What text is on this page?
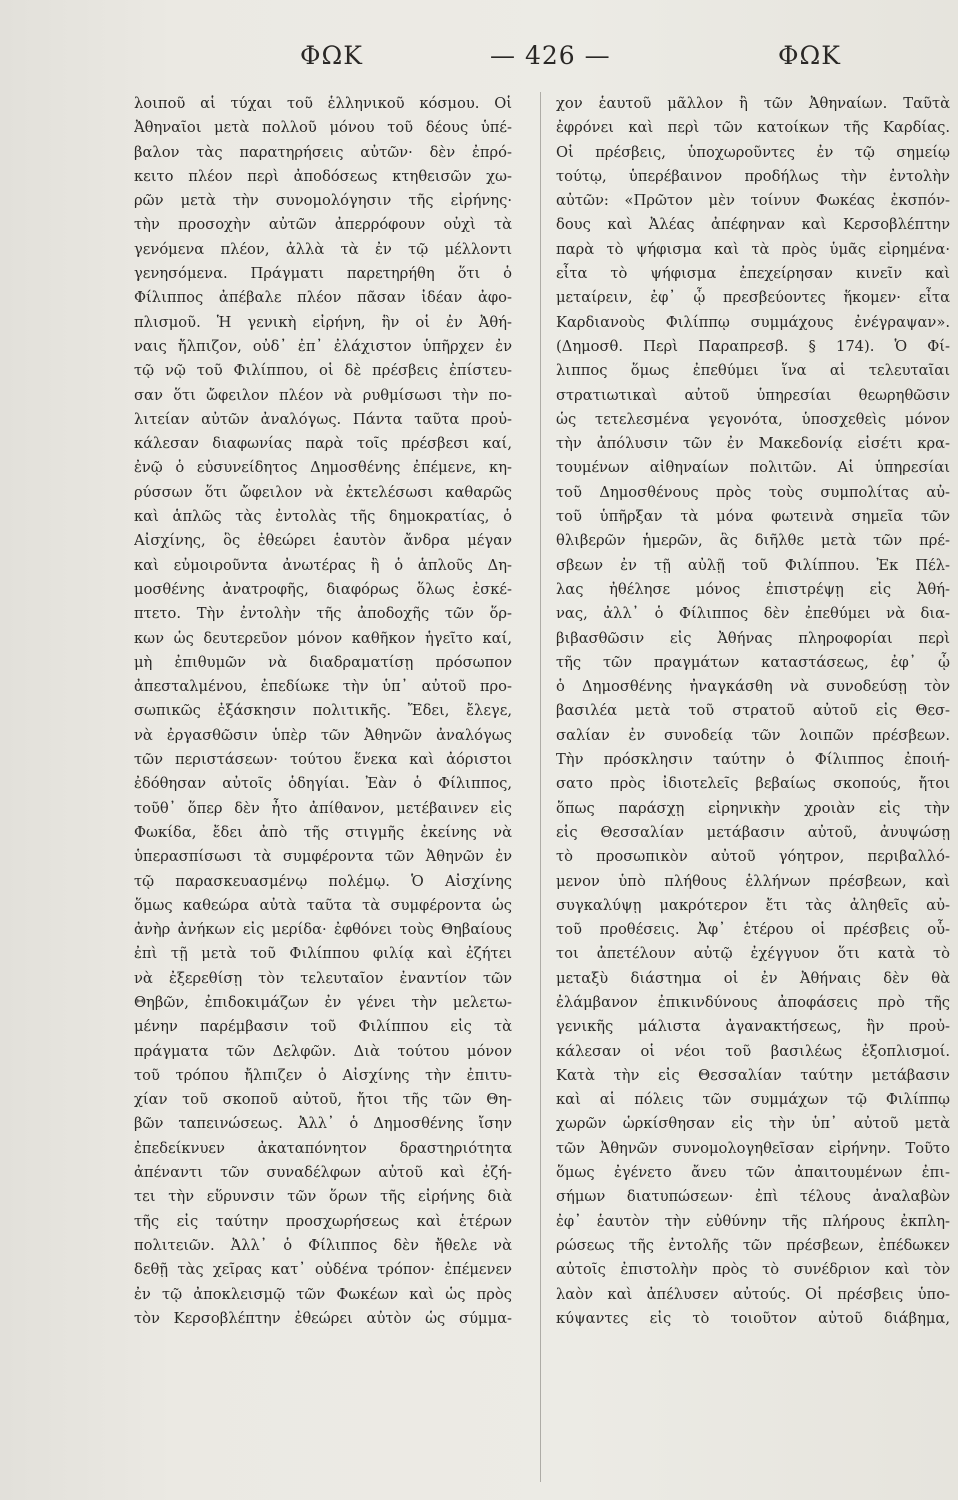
ΦΩΚ	— 426 —	ΦΩΚ
λοιποῦ αἱ τύχαι τοῦ ἑλληνικοῦ κόσμου. Οἱ
Ἀθηναῖοι μετὰ πολλοῦ μόνου τοῦ δέους ὑπέ-
βαλον τὰς παρατηρήσεις αὐτῶν· δὲν ἐπρό-
κειτο πλέον περὶ ἀποδόσεως κτηθεισῶν χω-
ρῶν μετὰ τὴν συνομολόγησιν τῆς εἰρήνης·
τὴν προσοχὴν αὐτῶν ἀπερρόφουν οὐχὶ τὰ
γενόμενα πλέον, ἀλλὰ τὰ ἐν τῷ μέλλοντι
γενησόμενα. Πράγματι παρετηρήθη ὅτι ὁ
Φίλιππος ἀπέβαλε πλέον πᾶσαν ἰδέαν ἀφο-
πλισμοῦ. Ἡ γενικὴ εἰρήνη, ἣν οἱ ἐν Ἀθή-
ναις ἤλπιζον, οὐδ᾽ ἐπ᾽ ἐλάχιστον ὑπῆρχεν ἐν
τῷ νῷ τοῦ Φιλίππου, οἱ δὲ πρέσβεις ἐπίστευ-
σαν ὅτι ὤφειλον πλέον νὰ ρυθμίσωσι τὴν πο-
λιτείαν αὐτῶν ἀναλόγως. Πάντα ταῦτα προὐ-
κάλεσαν διαφωνίας παρὰ τοῖς πρέσβεσι καί,
ἐνῷ ὁ εὐσυνείδητος Δημοσθένης ἐπέμενε, κη-
ρύσσων ὅτι ὤφειλον νὰ ἐκτελέσωσι καθαρῶς
καὶ ἁπλῶς τὰς ἐντολὰς τῆς δημοκρατίας, ὁ
Αἰσχίνης, ὃς ἐθεώρει ἑαυτὸν ἄνδρα μέγαν
καὶ εὐμοιροῦντα ἀνωτέρας ἢ ὁ ἁπλοῦς Δη-
μοσθένης ἀνατροφῆς, διαφόρως ὅλως ἐσκέ-
πτετο. Τὴν ἐντολὴν τῆς ἀποδοχῆς τῶν ὅρ-
κων ὡς δευτερεῦον μόνον καθῆκον ἡγεῖτο καί,
μὴ ἐπιθυμῶν νὰ διαδραματίσῃ πρόσωπον
ἀπεσταλμένου, ἐπεδίωκε τὴν ὑπ᾽ αὐτοῦ προ-
σωπικῶς ἐξάσκησιν πολιτικῆς. Ἔδει, ἔλεγε,
νὰ ἐργασθῶσιν ὑπὲρ τῶν Ἀθηνῶν ἀναλόγως
τῶν περιστάσεων· τούτου ἕνεκα καὶ ἀόριστοι
ἐδόθησαν αὐτοῖς ὁδηγίαι. Ἐὰν ὁ Φίλιππος,
τοῦθ᾽ ὅπερ δὲν ἦτο ἀπίθανον, μετέβαινεν εἰς
Φωκίδα, ἔδει ἀπὸ τῆς στιγμῆς ἐκείνης νὰ
ὑπερασπίσωσι τὰ συμφέροντα τῶν Ἀθηνῶν ἐν
τῷ παρασκευασμένῳ πολέμῳ. Ὁ Αἰσχίνης
ὅμως καθεώρα αὐτὰ ταῦτα τὰ συμφέροντα ὡς
ἀνὴρ ἀνήκων εἰς μερίδα· ἐφθόνει τοὺς Θηβαίους
ἐπὶ τῇ μετὰ τοῦ Φιλίππου φιλίᾳ καὶ ἐζήτει
νὰ ἐξερεθίσῃ τὸν τελευταῖον ἐναντίον τῶν
Θηβῶν, ἐπιδοκιμάζων ἐν γένει τὴν μελετω-
μένην παρέμβασιν τοῦ Φιλίππου εἰς τὰ
πράγματα τῶν Δελφῶν. Διὰ τούτου μόνον
τοῦ τρόπου ἤλπιζεν ὁ Αἰσχίνης τὴν ἐπιτυ-
χίαν τοῦ σκοποῦ αὐτοῦ, ἤτοι τῆς τῶν Θη-
βῶν ταπεινώσεως. Ἀλλ᾽ ὁ Δημοσθένης ἴσην
ἐπεδείκνυεν ἀκαταπόνητον δραστηριότητα
ἀπέναντι τῶν συναδέλφων αὐτοῦ καὶ ἐζή-
τει τὴν εὕρυνσιν τῶν ὅρων τῆς εἰρήνης διὰ
τῆς εἰς ταύτην προσχωρήσεως καὶ ἑτέρων
πολιτειῶν. Ἀλλ᾽ ὁ Φίλιππος δὲν ἤθελε νὰ
δεθῇ τὰς χεῖρας κατ᾽ οὐδένα τρόπον· ἐπέμενεν
ἐν τῷ ἀποκλεισμῷ τῶν Φωκέων καὶ ὡς πρὸς
τὸν Κερσοβλέπτην ἐθεώρει αὐτὸν ὡς σύμμα-
χον ἑαυτοῦ μᾶλλον ἢ τῶν Ἀθηναίων. Ταῦτὰ
ἐφρόνει καὶ περὶ τῶν κατοίκων τῆς Καρδίας.
Οἱ πρέσβεις, ὑποχωροῦντες ἐν τῷ σημείῳ
τούτῳ, ὑπερέβαινον προδήλως τὴν ἐντολὴν
αὐτῶν: «Πρῶτον μὲν τοίνυν Φωκέας ἐκσπόν-
δους καὶ Ἀλέας ἀπέφηναν καὶ Κερσοβλέπτην
παρὰ τὸ ψήφισμα καὶ τὰ πρὸς ὑμᾶς εἰρημένα·
εἶτα τὸ ψήφισμα ἐπεχείρησαν κινεῖν καὶ
μεταίρειν, ἐφ᾽ ᾧ πρεσβεύοντες ἥκομεν· εἶτα
Καρδιανοὺς Φιλίππῳ συμμάχους ἐνέγραψαν».
(Δημοσθ. Περὶ Παραπρεσβ. § 174). Ὁ Φί-
λιππος ὅμως ἐπεθύμει ἵνα αἱ τελευταῖαι
στρατιωτικαὶ αὐτοῦ ὑπηρεσίαι θεωρηθῶσιν
ὡς τετελεσμένα γεγονότα, ὑποσχεθεὶς μόνον
τὴν ἀπόλυσιν τῶν ἐν Μακεδονίᾳ εἰσέτι κρα-
τουμένων αἰθηναίων πολιτῶν. Αἱ ὑπηρεσίαι
τοῦ Δημοσθένους πρὸς τοὺς συμπολίτας αὐ-
τοῦ ὑπῆρξαν τὰ μόνα φωτεινὰ σημεῖα τῶν
θλιβερῶν ἡμερῶν, ἃς διῆλθε μετὰ τῶν πρέ-
σβεων ἐν τῇ αὐλῇ τοῦ Φιλίππου. Ἐκ Πέλ-
λας ἠθέλησε μόνος ἐπιστρέψῃ εἰς Ἀθή-
νας, ἀλλ᾽ ὁ Φίλιππος δὲν ἐπεθύμει νὰ δια-
βιβασθῶσιν εἰς Ἀθήνας πληροφορίαι περὶ
τῆς τῶν πραγμάτων καταστάσεως, ἐφ᾽ ᾧ
ὁ Δημοσθένης ἠναγκάσθη νὰ συνοδεύσῃ τὸν
βασιλέα μετὰ τοῦ στρατοῦ αὐτοῦ εἰς Θεσ-
σαλίαν ἐν συνοδείᾳ τῶν λοιπῶν πρέσβεων.
Τὴν πρόσκλησιν ταύτην ὁ Φίλιππος ἐποιή-
σατο πρὸς ἰδιοτελεῖς βεβαίως σκοπούς, ἤτοι
ὅπως παράσχῃ εἰρηνικὴν χροιὰν εἰς τὴν
εἰς Θεσσαλίαν μετάβασιν αὐτοῦ, ἀνυψώσῃ
τὸ προσωπικὸν αὐτοῦ γόητρον, περιβαλλό-
μενον ὑπὸ πλήθους ἑλλήνων πρέσβεων, καὶ
συγκαλύψῃ μακρότερον ἔτι τὰς ἀληθεῖς αὐ-
τοῦ προθέσεις. Ἀφ᾽ ἑτέρου οἱ πρέσβεις οὗ-
τοι ἀπετέλουν αὐτῷ ἐχέγγυον ὅτι κατὰ τὸ
μεταξὺ διάστημα οἱ ἐν Ἀθήναις δὲν θὰ
ἐλάμβανον ἐπικινδύνους ἀποφάσεις πρὸ τῆς
γενικῆς μάλιστα ἀγανακτήσεως, ἣν προὐ-
κάλεσαν οἱ νέοι τοῦ βασιλέως ἐξοπλισμοί.
Κατὰ τὴν εἰς Θεσσαλίαν ταύτην μετάβασιν
καὶ αἱ πόλεις τῶν συμμάχων τῷ Φιλίππῳ
χωρῶν ὡρκίσθησαν εἰς τὴν ὑπ᾽ αὐτοῦ μετὰ
τῶν Ἀθηνῶν συνομολογηθεῖσαν εἰρήνην. Τοῦτο
ὅμως ἐγένετο ἄνευ τῶν ἀπαιτουμένων ἐπι-
σήμων διατυπώσεων· ἐπὶ τέλους ἀναλαβὼν
ἐφ᾽ ἑαυτὸν τὴν εὐθύνην τῆς πλήρους ἐκπλη-
ρώσεως τῆς ἐντολῆς τῶν πρέσβεων, ἐπέδωκεν
αὐτοῖς ἐπιστολὴν πρὸς τὸ συνέδριον καὶ τὸν
λαὸν καὶ ἀπέλυσεν αὐτούς. Οἱ πρέσβεις ὑπο-
κύψαντες εἰς τὸ τοιοῦτον αὐτοῦ διάβημα,
